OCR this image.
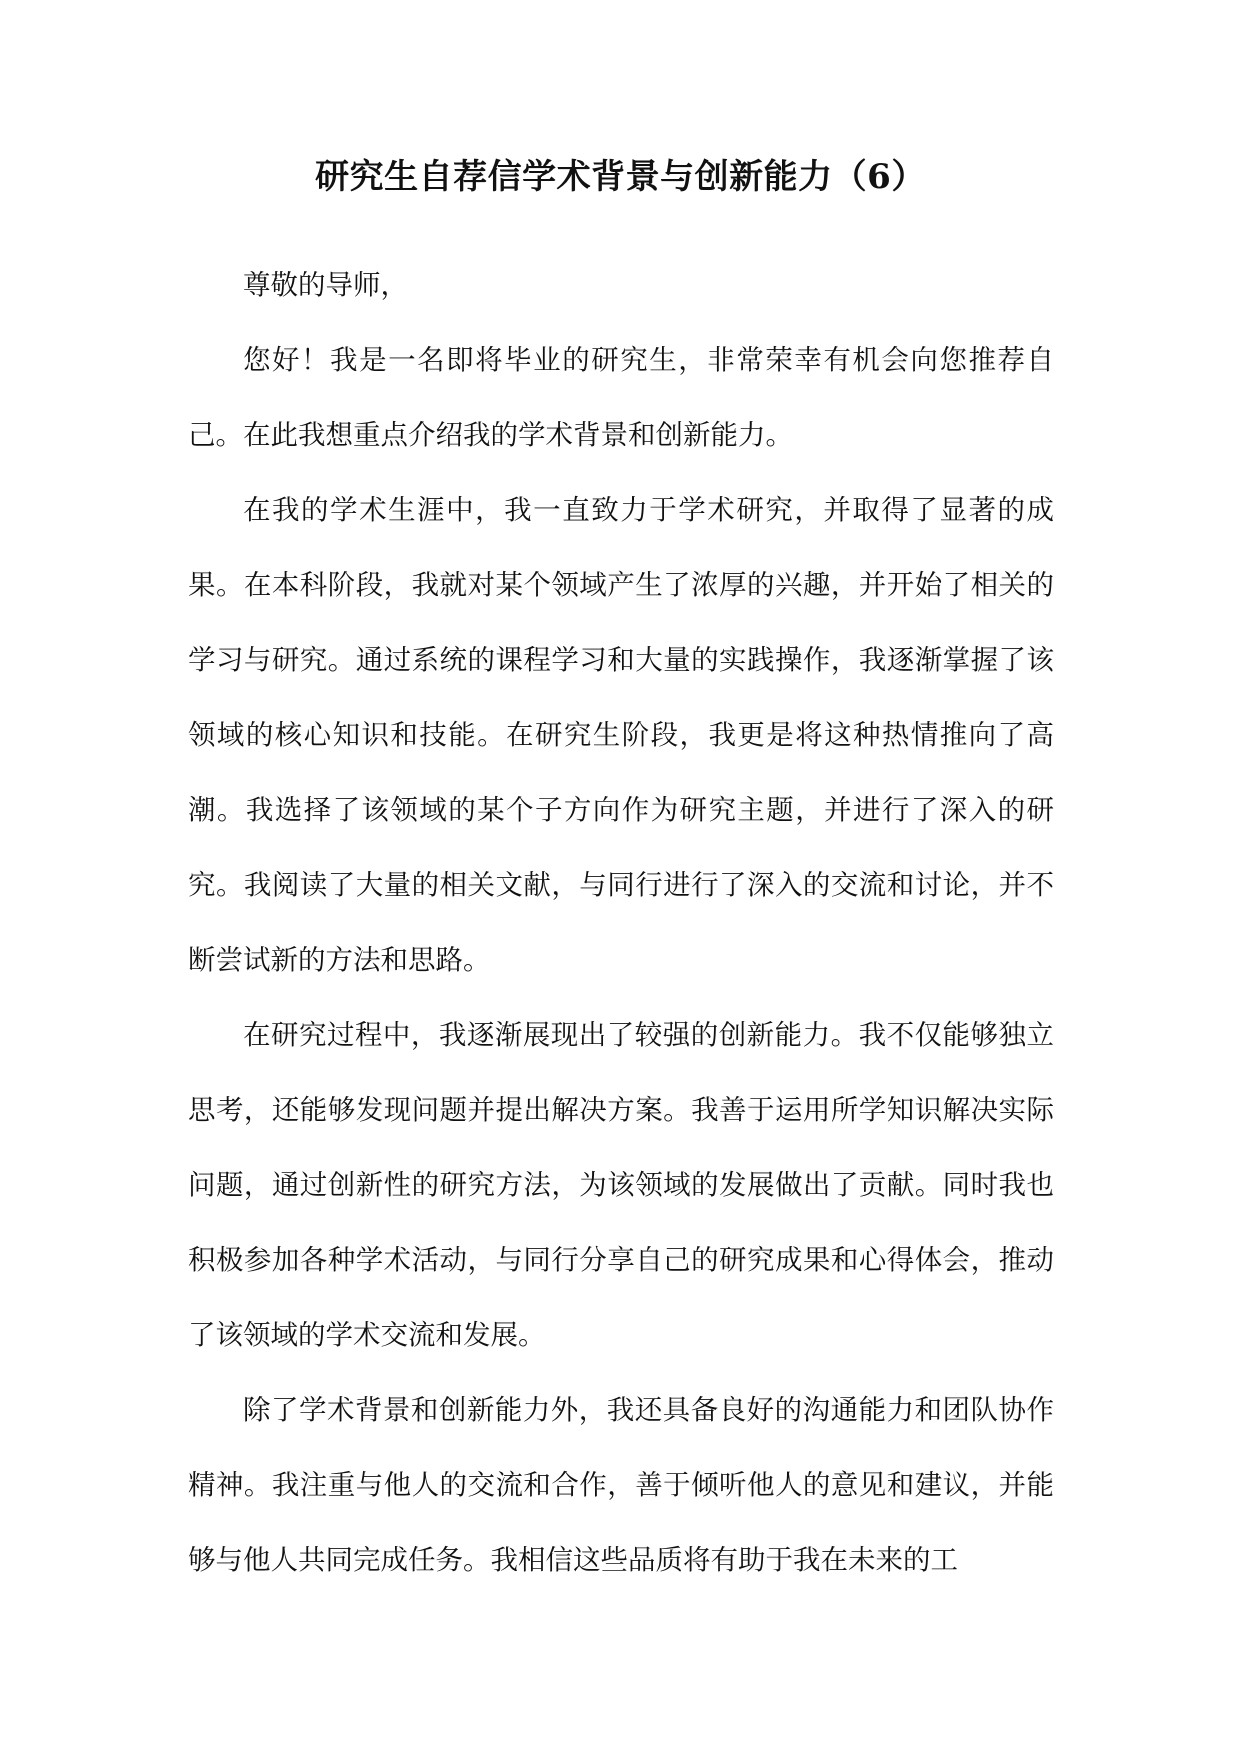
研究生自荐信学术背景与创新能力（6）

尊敬的导师，

您好！我是一名即将毕业的研究生，非常荣幸有机会向您推荐自己。在此我想重点介绍我的学术背景和创新能力。

在我的学术生涯中，我一直致力于学术研究，并取得了显著的成果。在本科阶段，我就对某个领域产生了浓厚的兴趣，并开始了相关的学习与研究。通过系统的课程学习和大量的实践操作，我逐渐掌握了该领域的核心知识和技能。在研究生阶段，我更是将这种热情推向了高潮。我选择了该领域的某个子方向作为研究主题，并进行了深入的研究。我阅读了大量的相关文献，与同行进行了深入的交流和讨论，并不断尝试新的方法和思路。

在研究过程中，我逐渐展现出了较强的创新能力。我不仅能够独立思考，还能够发现问题并提出解决方案。我善于运用所学知识解决实际问题，通过创新性的研究方法，为该领域的发展做出了贡献。同时我也积极参加各种学术活动，与同行分享自己的研究成果和心得体会，推动了该领域的学术交流和发展。

除了学术背景和创新能力外，我还具备良好的沟通能力和团队协作精神。我注重与他人的交流和合作，善于倾听他人的意见和建议，并能够与他人共同完成任务。我相信这些品质将有助于我在未来的工
